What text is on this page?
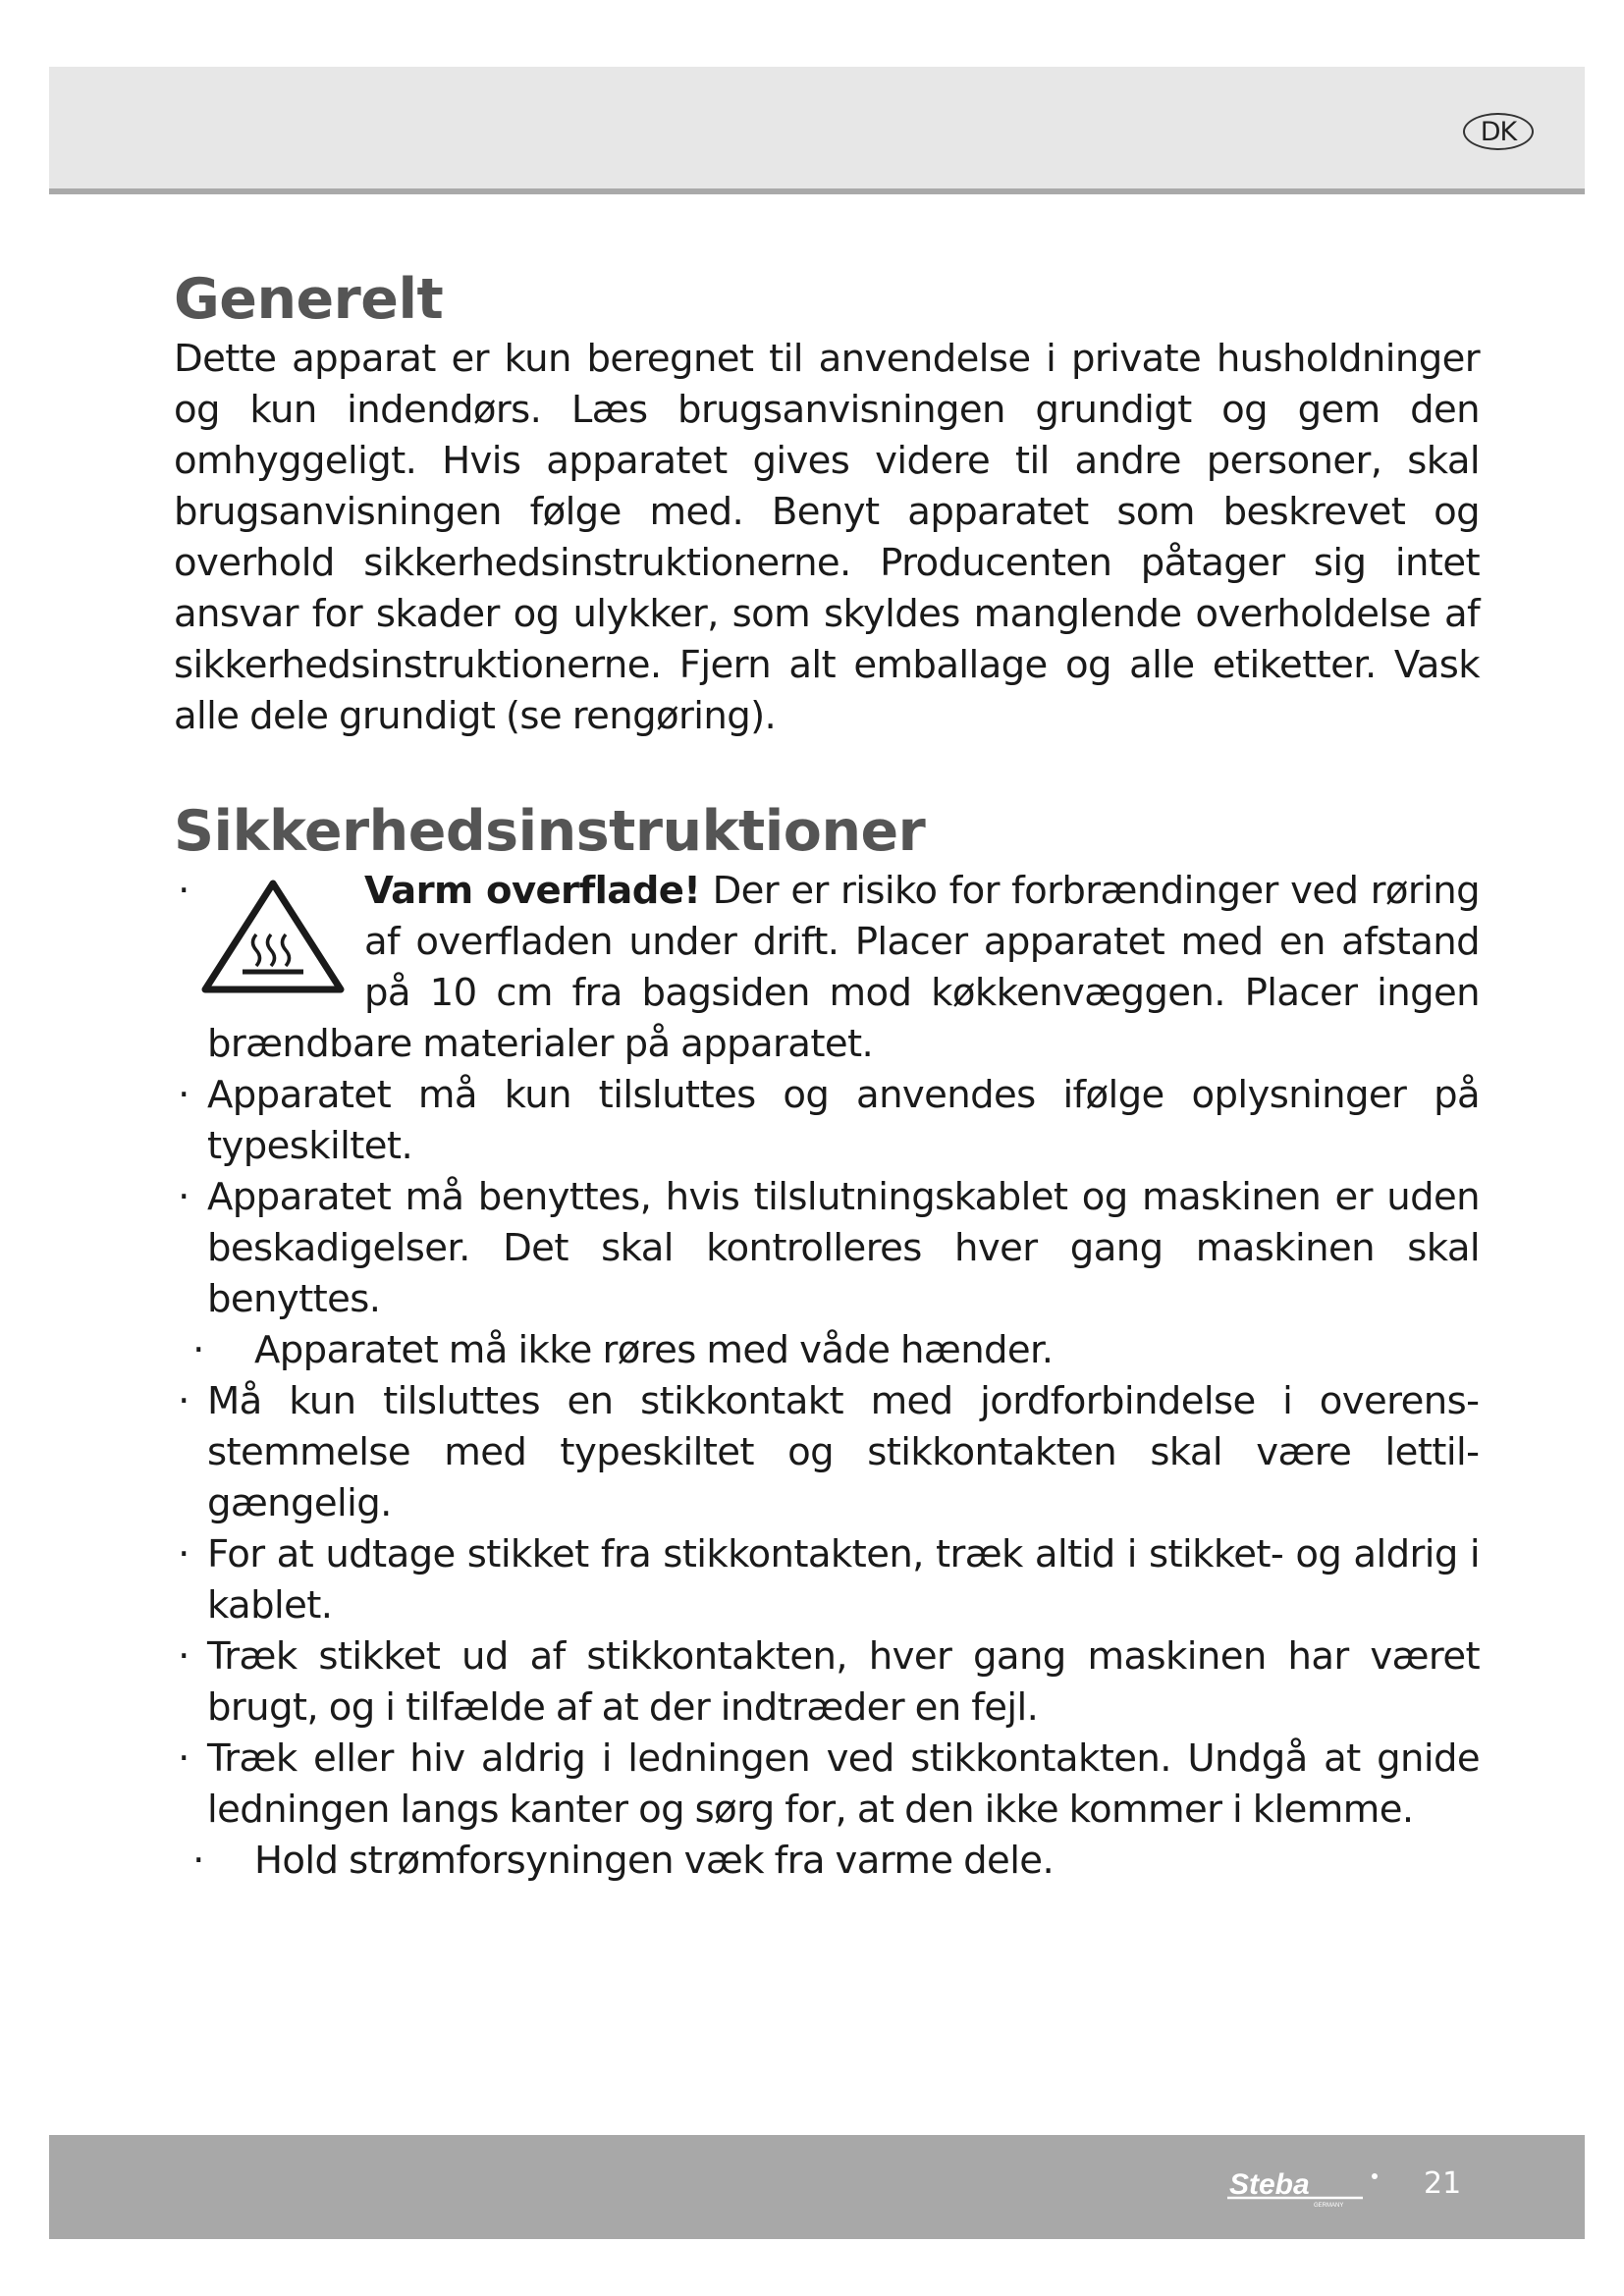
DK
Generelt

Dette apparat er kun beregnet til anvendelse i private husholdninger og kun indendørs. Læs brugsanvisningen grundigt og gem den omhyggeligt. Hvis apparatet gives videre til andre personer, skal brugsanvisningen følge med. Benyt apparatet som beskrevet og overhold sikkerhedsinstruktionerne. Producenten påtager sig intet ansvar for skader og ulykker, som skyldes manglende overholdelse af sikkerhedsinstruktionerne. Fjern alt emballage og alle etiketter. Vask alle dele grundigt (se rengøring).

Sikkerhedsinstruktioner
·	Varm overflade! Der er risiko for forbrændinger ved røring af overfladen under drift. Placer apparatet med en afstand på 10 cm fra bagsiden mod køkkenvæggen. Placer ingen brændbare materialer på apparatet.
· Apparatet må kun tilsluttes og anvendes ifølge oplysninger på typeskiltet.
· Apparatet må benyttes, hvis tilslutningskablet og maskinen er uden beskadigelser. Det skal kontrolleres hver gang maskinen skal benyttes.
· Apparatet må ikke røres med våde hænder.
· Må kun tilsluttes en stikkontakt med jordforbindelse i overensstemmelse med typeskiltet og stikkontakten skal være lettilgængelig.
· For at udtage stikket fra stikkontakten, træk altid i stikket- og aldrig i kablet.
· Træk stikket ud af stikkontakten, hver gang maskinen har været brugt, og i tilfælde af at der indtræder en fejl.
· Træk eller hiv aldrig i ledningen ved stikkontakten. Undgå at gnide ledningen langs kanter og sørg for, at den ikke kommer i klemme.
· Hold strømforsyningen væk fra varme dele.
Steba
GERMANY
21
